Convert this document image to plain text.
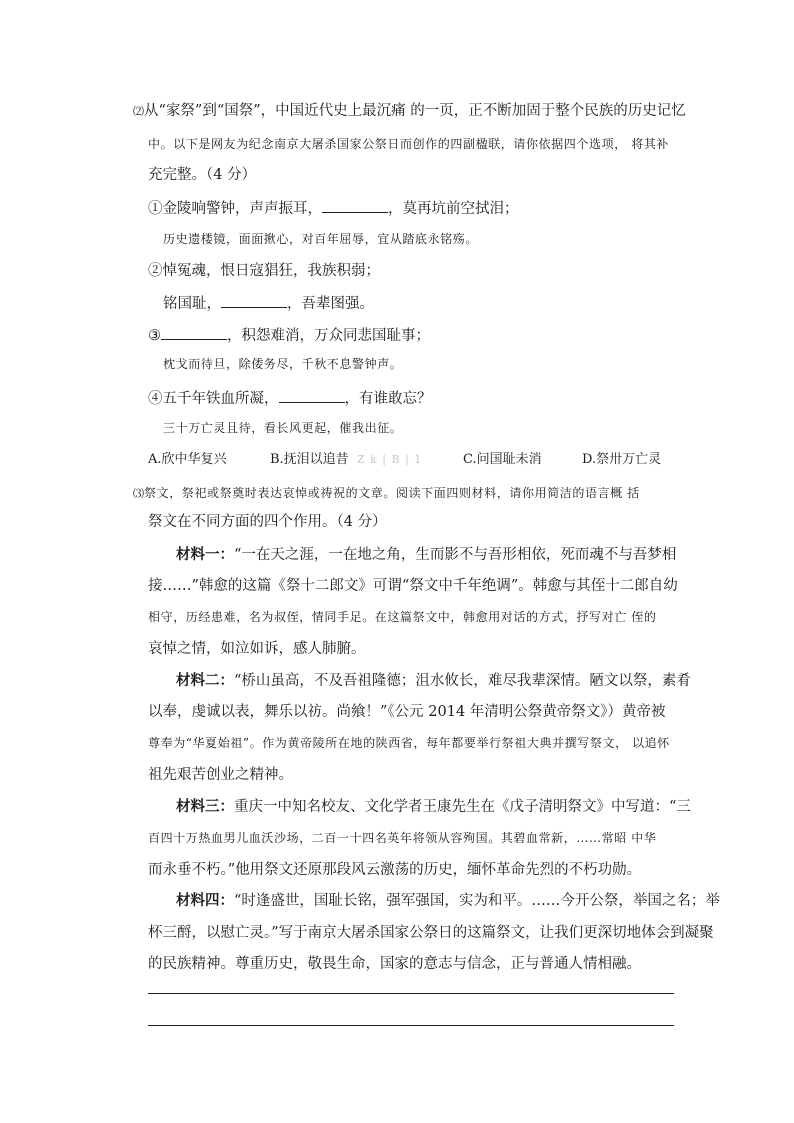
⑵从“家祭”到“国祭”，中国近代史上最沉痛 的一页，正不断加固于整个民族的历史记忆
中。以下是网友为纪念南京大屠杀国家公祭日而创作的四副楹联，请你依据四个选项， 将其补
充完整。（4 分）
①金陵响警钟，声声振耳，	，莫再坑前空拭泪；
历史遗楼镜，面面揪心，对百年屈辱，宜从踏底永铭殇。
②悼冤魂，恨日寇猖狂，我族积弱；
铭国耻，	，吾辈图强。
③	，积怨难消，万众同悲国耻事；
枕戈而待旦，除倭务尽，千秋不息警钟声。
④五千年铁血所凝，	，有谁敢忘？
三十万亡灵且待，看长风更起，催我出征。
A.欣中华复兴	B.抚泪以追昔 Z k | B | 1	C.问国耻未消	D.祭卅万亡灵
⑶祭文，祭祀或祭奠时表达哀悼或祷祝的文章。阅读下面四则材料，请你用简洁的语言概 括
祭文在不同方面的四个作用。（4 分）
材料一：“一在天之涯，一在地之角，生而影不与吾形相依，死而魂不与吾梦相
接……”韩愈的这篇《祭十二郎文》可谓“祭文中千年绝调”。韩愈与其侄十二郎自幼
相守，历经患难，名为叔侄，情同手足。在这篇祭文中，韩愈用对话的方式，抒写对亡 侄的
哀悼之情，如泣如诉，感人肺腑。
材料二：“桥山虽高，不及吾祖隆德；沮水攸长，难尽我辈深情。陋文以祭，素肴
以奉，虔诚以表，舞乐以祊。尚飨！”《公元 2014 年清明公祭黄帝祭文》）黄帝被
尊奉为“华夏始祖”。作为黄帝陵所在地的陕西省，每年都要举行祭祖大典并撰写祭文， 以追怀
祖先艰苦创业之精神。
材料三：重庆一中知名校友、文化学者王康先生在《戊子清明祭文》中写道：“三
百四十万热血男儿血沃沙场，二百一十四名英年将领从容殉国。其碧血常新，……常昭 中华
而永垂不朽。”他用祭文还原那段风云激荡的历史，缅怀革命先烈的不朽功勋。
材料四：“时逢盛世，国耻长铭，强军强国，实为和平。……今开公祭，举国之名；举
杯三酹，以慰亡灵。”写于南京大屠杀国家公祭日的这篇祭文，让我们更深切地体会到凝聚
的民族精神。尊重历史，敬畏生命，国家的意志与信念，正与普通人情相融。
